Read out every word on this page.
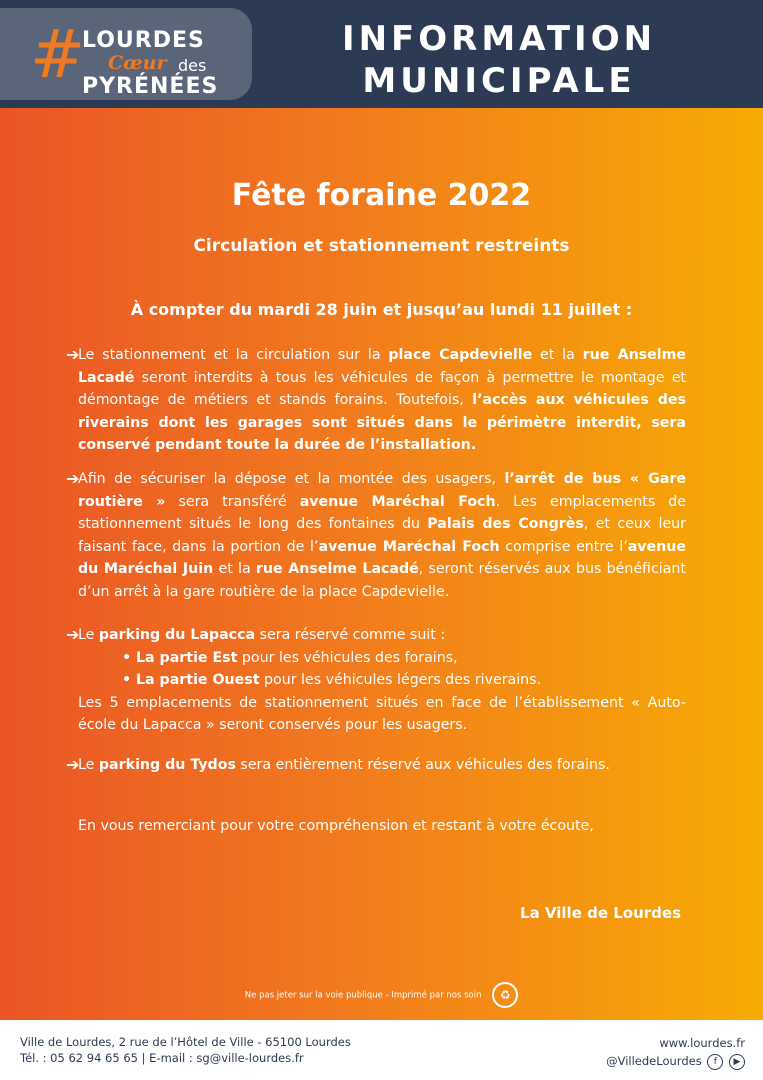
#
LOURDES
Cœur des
PYRÉNÉES
INFORMATION
MUNICIPALE
Fête foraine 2022
Circulation et stationnement restreints
À compter du mardi 28 juin et jusqu’au lundi 11 juillet :
➔

Le stationnement et la circulation sur la place Capdevielle et la rue Anselme Lacadé seront interdits à tous les véhicules de façon à permettre le montage et démontage de métiers et stands forains. Toutefois, l’accès aux véhicules des riverains dont les garages sont situés dans le périmètre interdit, sera conservé pendant toute la durée de l’installation.

➔

Afin de sécuriser la dépose et la montée des usagers, l’arrêt de bus « Gare routière » sera transféré avenue Maréchal Foch. Les emplacements de stationnement situés le long des fontaines du Palais des Congrès, et ceux leur faisant face, dans la portion de l’avenue Maréchal Foch comprise entre l’avenue du Maréchal Juin et la rue Anselme Lacadé, seront réservés aux bus bénéficiant d’un arrêt à la gare routière de la place Capdevielle.

➔

Le parking du Lapacca sera réservé comme suit :

• La partie Est pour les véhicules des forains,

• La partie Ouest pour les véhicules légers des riverains.

Les 5 emplacements de stationnement situés en face de l’établissement « Auto-école du Lapacca » seront conservés pour les usagers.

➔

Le parking du Tydos sera entièrement réservé aux véhicules des forains.

En vous remerciant pour votre compréhension et restant à votre écoute,
La Ville de Lourdes
Ne pas jeter sur la voie publique - Imprimé par nos soin ♻
Ville de Lourdes, 2 rue de l’Hôtel de Ville - 65100 Lourdes
Tél. : 05 62 94 65 65 | E-mail : sg@ville-lourdes.fr
www.lourdes.fr
@VilledeLourdes f ▶
